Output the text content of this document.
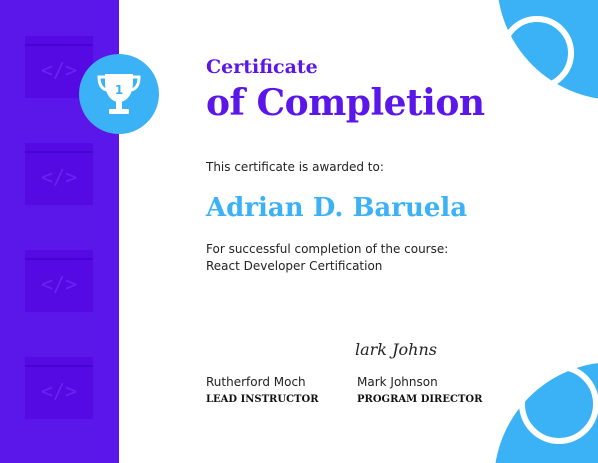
</>
</>
</>
</>
1
Certificate
of Completion
This certificate is awarded to:
Adrian D. Baruela
For successful completion of the course:
React Developer Certification
lark Johns
Rutherford Moch
LEAD INSTRUCTOR
Mark Johnson
PROGRAM DIRECTOR
